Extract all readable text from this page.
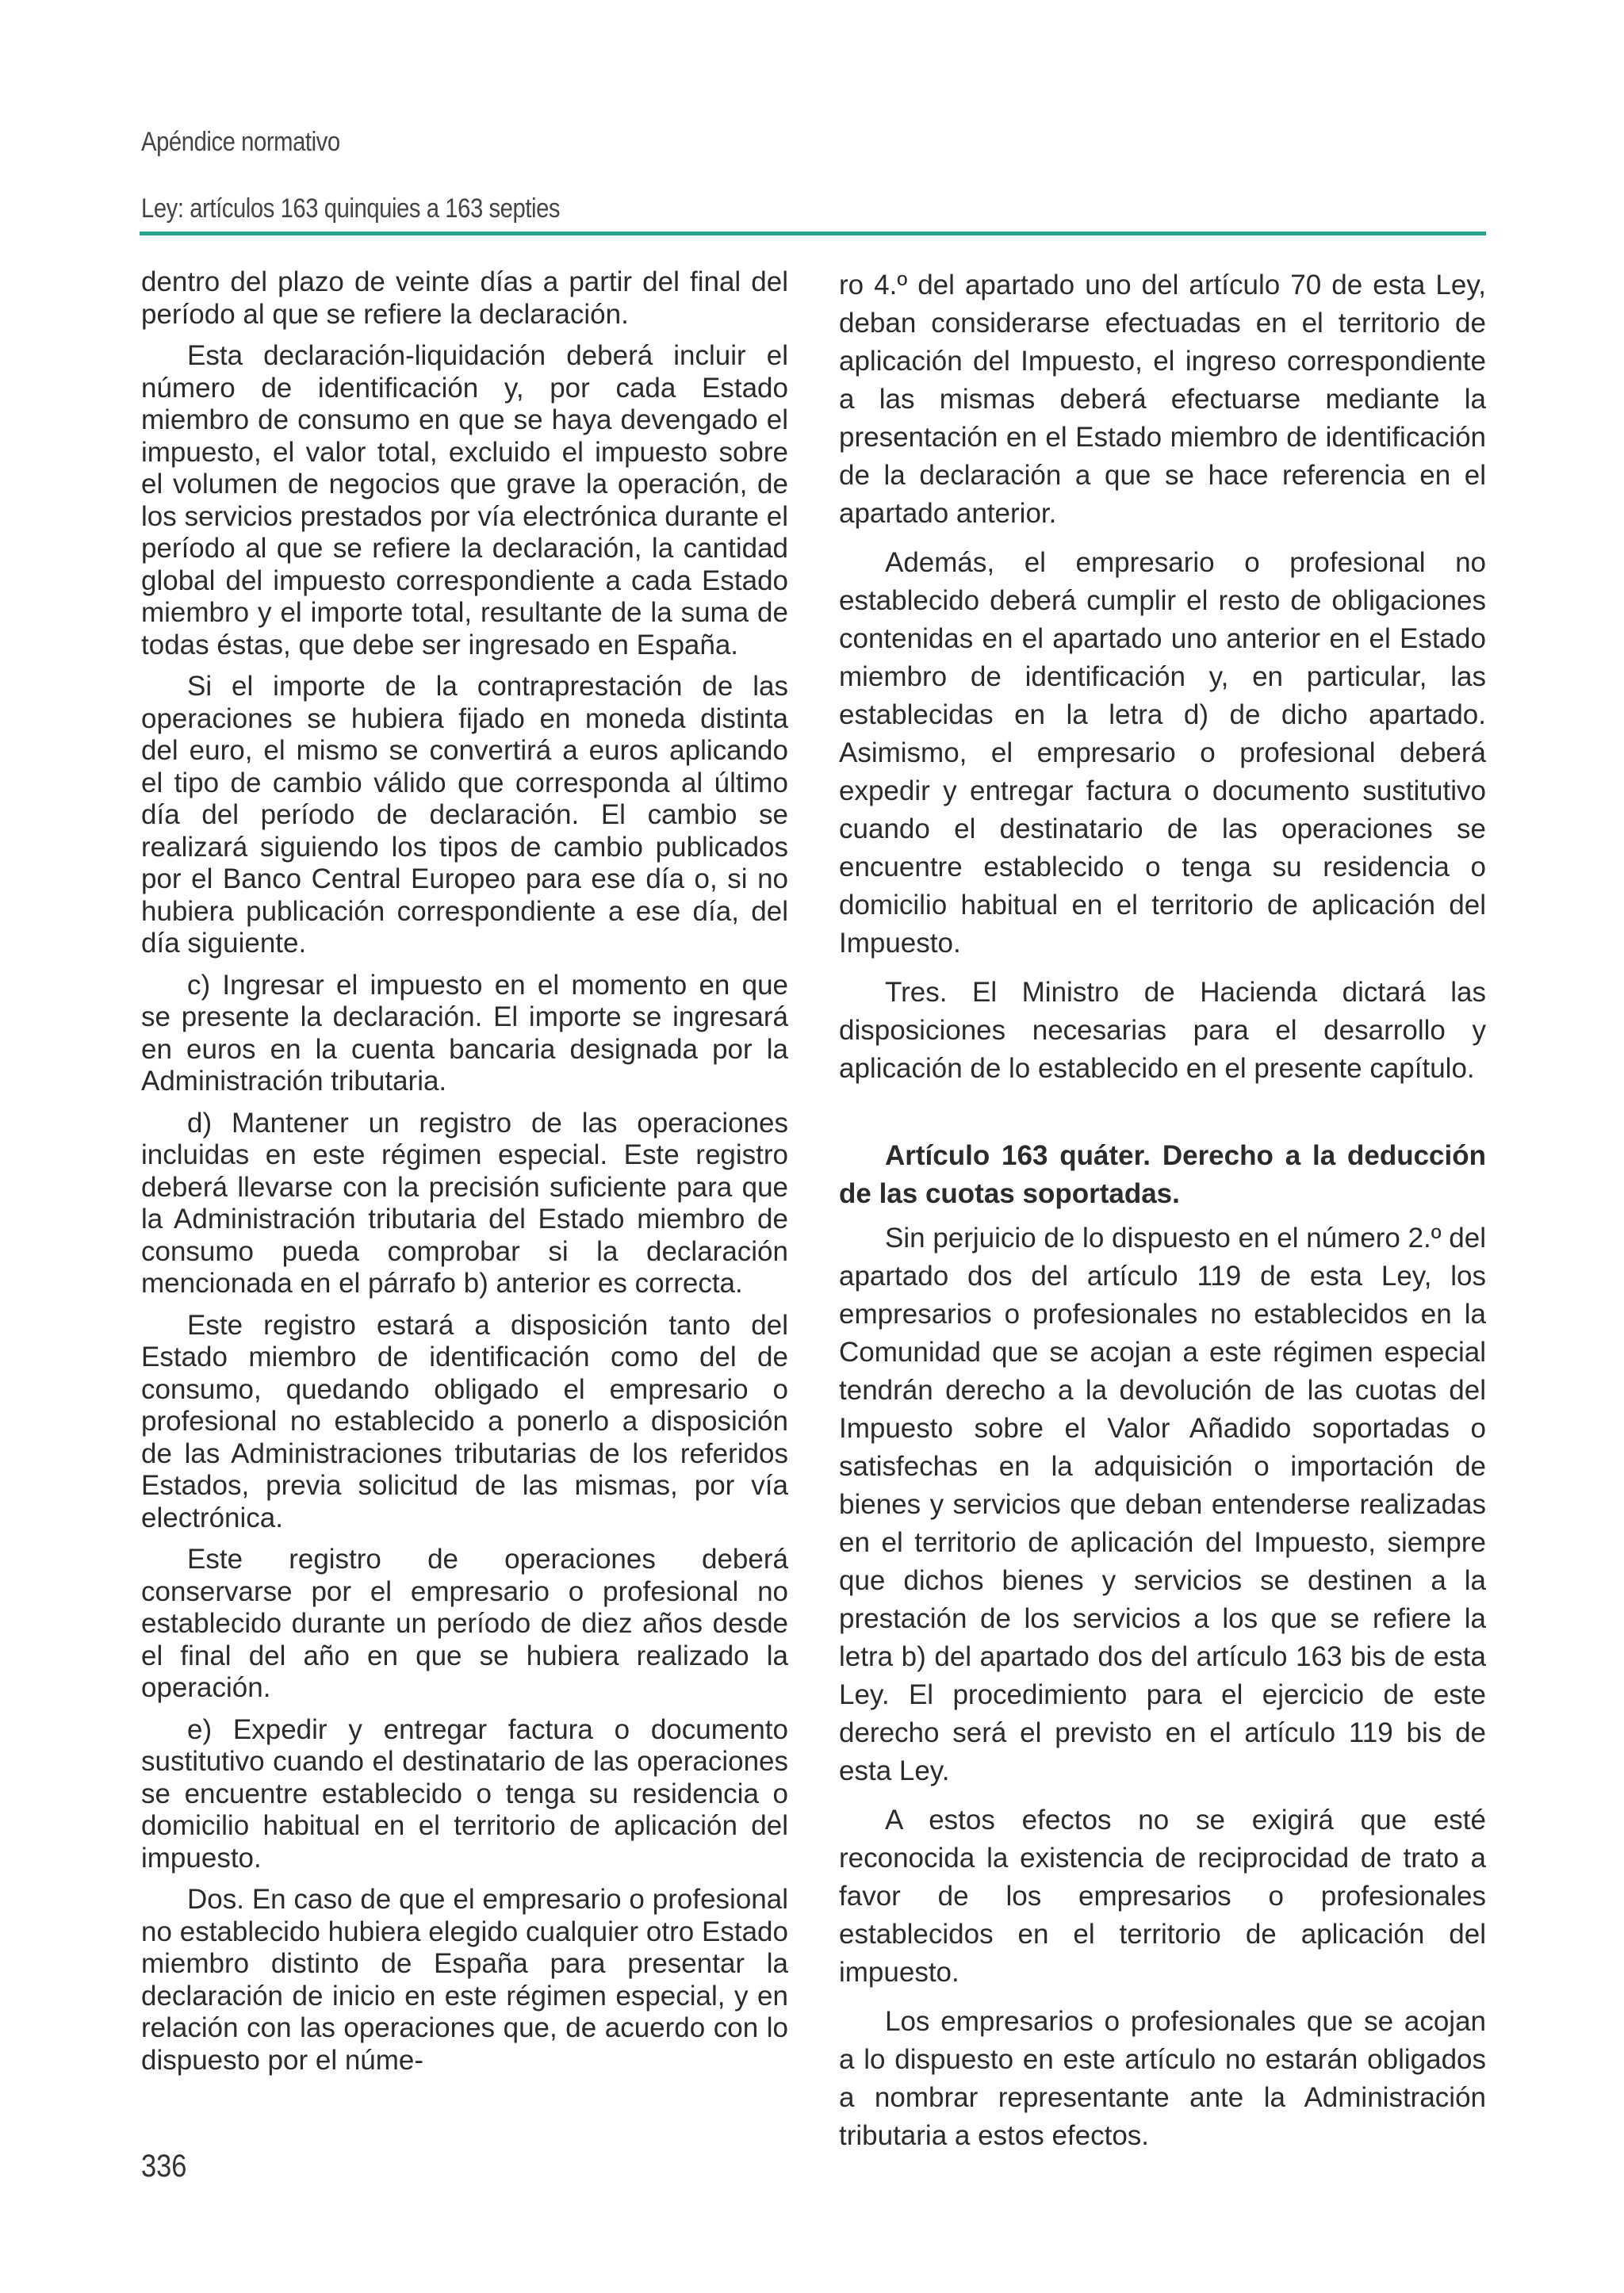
Apéndice normativo
Ley: artículos 163 quinquies a 163 septies

dentro del plazo de veinte días a partir del final del período al que se refiere la declaración.

Esta declaración-liquidación deberá incluir el número de identificación y, por cada Estado miembro de consumo en que se haya devengado el impuesto, el valor total, excluido el impuesto sobre el volumen de negocios que grave la operación, de los servicios prestados por vía electrónica durante el período al que se refiere la declaración, la cantidad global del impuesto correspondiente a cada Estado miembro y el importe total, resultante de la suma de todas éstas, que debe ser ingresado en España.

Si el importe de la contraprestación de las operaciones se hubiera fijado en moneda distinta del euro, el mismo se convertirá a euros aplicando el tipo de cambio válido que corresponda al último día del período de declaración. El cambio se realizará siguiendo los tipos de cambio publicados por el Banco Central Europeo para ese día o, si no hubiera publicación correspondiente a ese día, del día siguiente.

c) Ingresar el impuesto en el momento en que se presente la declaración. El importe se ingresará en euros en la cuenta bancaria designada por la Administración tributaria.

d) Mantener un registro de las operaciones incluidas en este régimen especial. Este registro deberá llevarse con la precisión suficiente para que la Administración tributaria del Estado miembro de consumo pueda comprobar si la declaración mencionada en el párrafo b) anterior es correcta.

Este registro estará a disposición tanto del Estado miembro de identificación como del de consumo, quedando obligado el empresario o profesional no establecido a ponerlo a disposición de las Administraciones tributarias de los referidos Estados, previa solicitud de las mismas, por vía electrónica.

Este registro de operaciones deberá conservarse por el empresario o profesional no establecido durante un período de diez años desde el final del año en que se hubiera realizado la operación.

e) Expedir y entregar factura o documento sustitutivo cuando el destinatario de las operaciones se encuentre establecido o tenga su residencia o domicilio habitual en el territorio de aplicación del impuesto.

Dos. En caso de que el empresario o profesional no establecido hubiera elegido cualquier otro Estado miembro distinto de España para presentar la declaración de inicio en este régimen especial, y en relación con las operaciones que, de acuerdo con lo dispuesto por el núme-

ro 4.º del apartado uno del artículo 70 de esta Ley, deban considerarse efectuadas en el territorio de aplicación del Impuesto, el ingreso correspondiente a las mismas deberá efectuarse mediante la presentación en el Estado miembro de identificación de la declaración a que se hace referencia en el apartado anterior.

Además, el empresario o profesional no establecido deberá cumplir el resto de obligaciones contenidas en el apartado uno anterior en el Estado miembro de identificación y, en particular, las establecidas en la letra d) de dicho apartado. Asimismo, el empresario o profesional deberá expedir y entregar factura o documento sustitutivo cuando el destinatario de las operaciones se encuentre establecido o tenga su residencia o domicilio habitual en el territorio de aplicación del Impuesto.

Tres. El Ministro de Hacienda dictará las disposiciones necesarias para el desarrollo y aplicación de lo establecido en el presente capítulo.

Artículo 163 quáter. Derecho a la deducción de las cuotas soportadas.

Sin perjuicio de lo dispuesto en el número 2.º del apartado dos del artículo 119 de esta Ley, los empresarios o profesionales no establecidos en la Comunidad que se acojan a este régimen especial tendrán derecho a la devolución de las cuotas del Impuesto sobre el Valor Añadido soportadas o satisfechas en la adquisición o importación de bienes y servicios que deban entenderse realizadas en el territorio de aplicación del Impuesto, siempre que dichos bienes y servicios se destinen a la prestación de los servicios a los que se refiere la letra b) del apartado dos del artículo 163 bis de esta Ley. El procedimiento para el ejercicio de este derecho será el previsto en el artículo 119 bis de esta Ley.

A estos efectos no se exigirá que esté reconocida la existencia de reciprocidad de trato a favor de los empresarios o profesionales establecidos en el territorio de aplicación del impuesto.

Los empresarios o profesionales que se acojan a lo dispuesto en este artículo no estarán obligados a nombrar representante ante la Administración tributaria a estos efectos.

336
